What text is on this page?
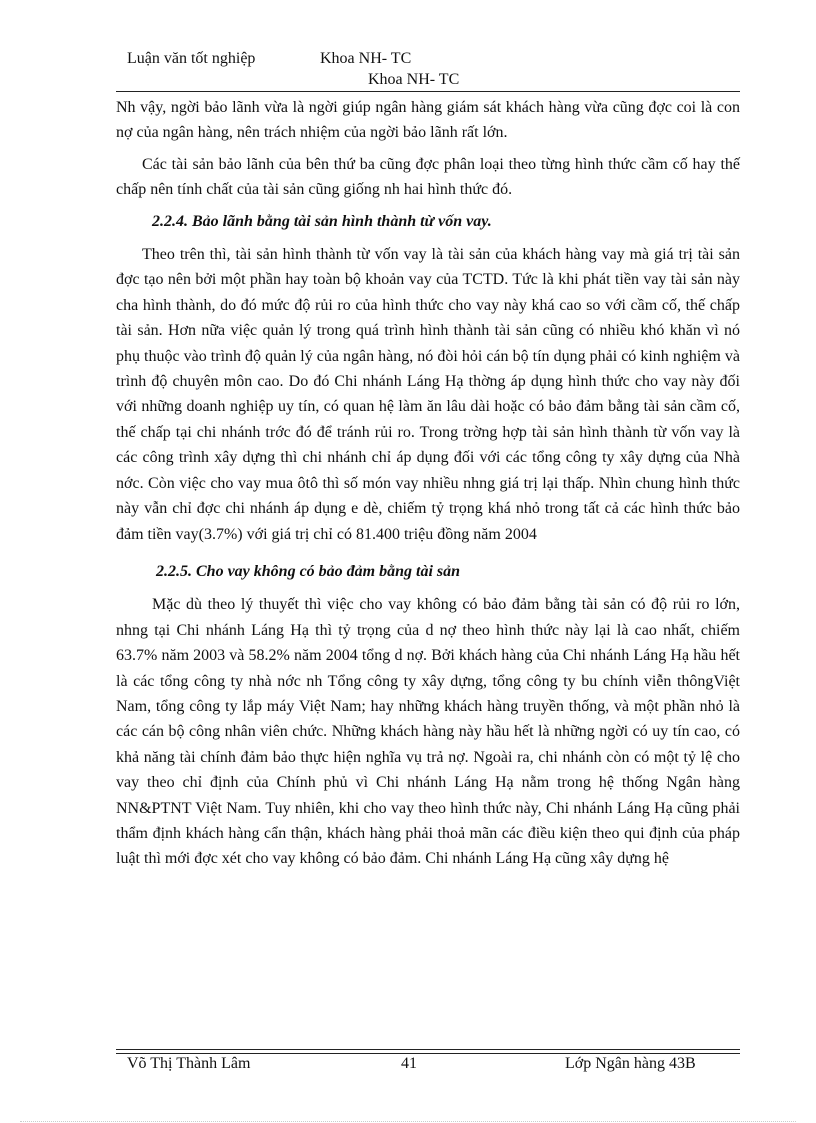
Luận văn tốt nghiệp	Khoa NH- TC
Khoa NH- TC

Nh vậy, ngời bảo lãnh vừa là ngời giúp ngân hàng giám sát khách hàng vừa cũng đợc coi là con nợ của ngân hàng, nên trách nhiệm của ngời bảo lãnh rất lớn.

Các tài sản bảo lãnh của bên thứ ba cũng đợc phân loại theo từng hình thức cầm cố hay thế chấp nên tính chất của tài sản cũng giống nh hai hình thức đó.

2.2.4. Bảo lãnh bằng tài sản hình thành từ vốn vay.

Theo trên thì, tài sản hình thành từ vốn vay là tài sản của khách hàng vay mà giá trị tài sản đợc tạo nên bởi một phần hay toàn bộ khoản vay của TCTD. Tức là khi phát tiền vay tài sản này cha hình thành, do đó mức độ rủi ro của hình thức cho vay này khá cao so với cầm cố, thế chấp tài sản. Hơn nữa việc quản lý trong quá trình hình thành tài sản cũng có nhiều khó khăn vì nó phụ thuộc vào trình độ quản lý của ngân hàng, nó đòi hỏi cán bộ tín dụng phải có kinh nghiệm và trình độ chuyên môn cao. Do đó Chi nhánh Láng Hạ thờng áp dụng hình thức cho vay này đối với những doanh nghiệp uy tín, có quan hệ làm ăn lâu dài hoặc có bảo đảm bằng tài sản cầm cố, thế chấp tại chi nhánh trớc đó để tránh rủi ro. Trong trờng hợp tài sản hình thành từ vốn vay là các công trình xây dựng thì chi nhánh chỉ áp dụng đối với các tổng công ty xây dựng của Nhà nớc. Còn việc cho vay mua ôtô thì số món vay nhiều nhng giá trị lại thấp. Nhìn chung hình thức này vẫn chỉ đợc chi nhánh áp dụng e dè, chiếm tỷ trọng khá nhỏ trong tất cả các hình thức bảo đảm tiền vay(3.7%) với giá trị chỉ có 81.400 triệu đồng năm 2004

2.2.5. Cho vay không có bảo đảm bằng tài sản

Mặc dù theo lý thuyết thì việc cho vay không có bảo đảm bằng tài sản có độ rủi ro lớn, nhng tại Chi nhánh Láng Hạ thì tỷ trọng của d nợ theo hình thức này lại là cao nhất, chiếm 63.7% năm 2003 và 58.2% năm 2004 tổng d nợ. Bởi khách hàng của Chi nhánh Láng Hạ hầu hết là các tổng công ty nhà nớc nh Tổng công ty xây dựng, tổng công ty bu chính viễn thôngViệt Nam, tổng công ty lắp máy Việt Nam; hay những khách hàng truyền thống, và một phần nhỏ là các cán bộ công nhân viên chức. Những khách hàng này hầu hết là những ngời có uy tín cao, có khả năng tài chính đảm bảo thực hiện nghĩa vụ trả nợ. Ngoài ra, chi nhánh còn có một tỷ lệ cho vay theo chỉ định của Chính phủ vì Chi nhánh Láng Hạ nằm trong hệ thống Ngân hàng NN&PTNT Việt Nam. Tuy nhiên, khi cho vay theo hình thức này, Chi nhánh Láng Hạ cũng phải thẩm định khách hàng cẩn thận, khách hàng phải thoả mãn các điều kiện theo qui định của pháp luật thì mới đợc xét cho vay không có bảo đảm. Chi nhánh Láng Hạ cũng xây dựng hệ

Võ Thị Thành Lâm	41	Lớp Ngân hàng 43B
